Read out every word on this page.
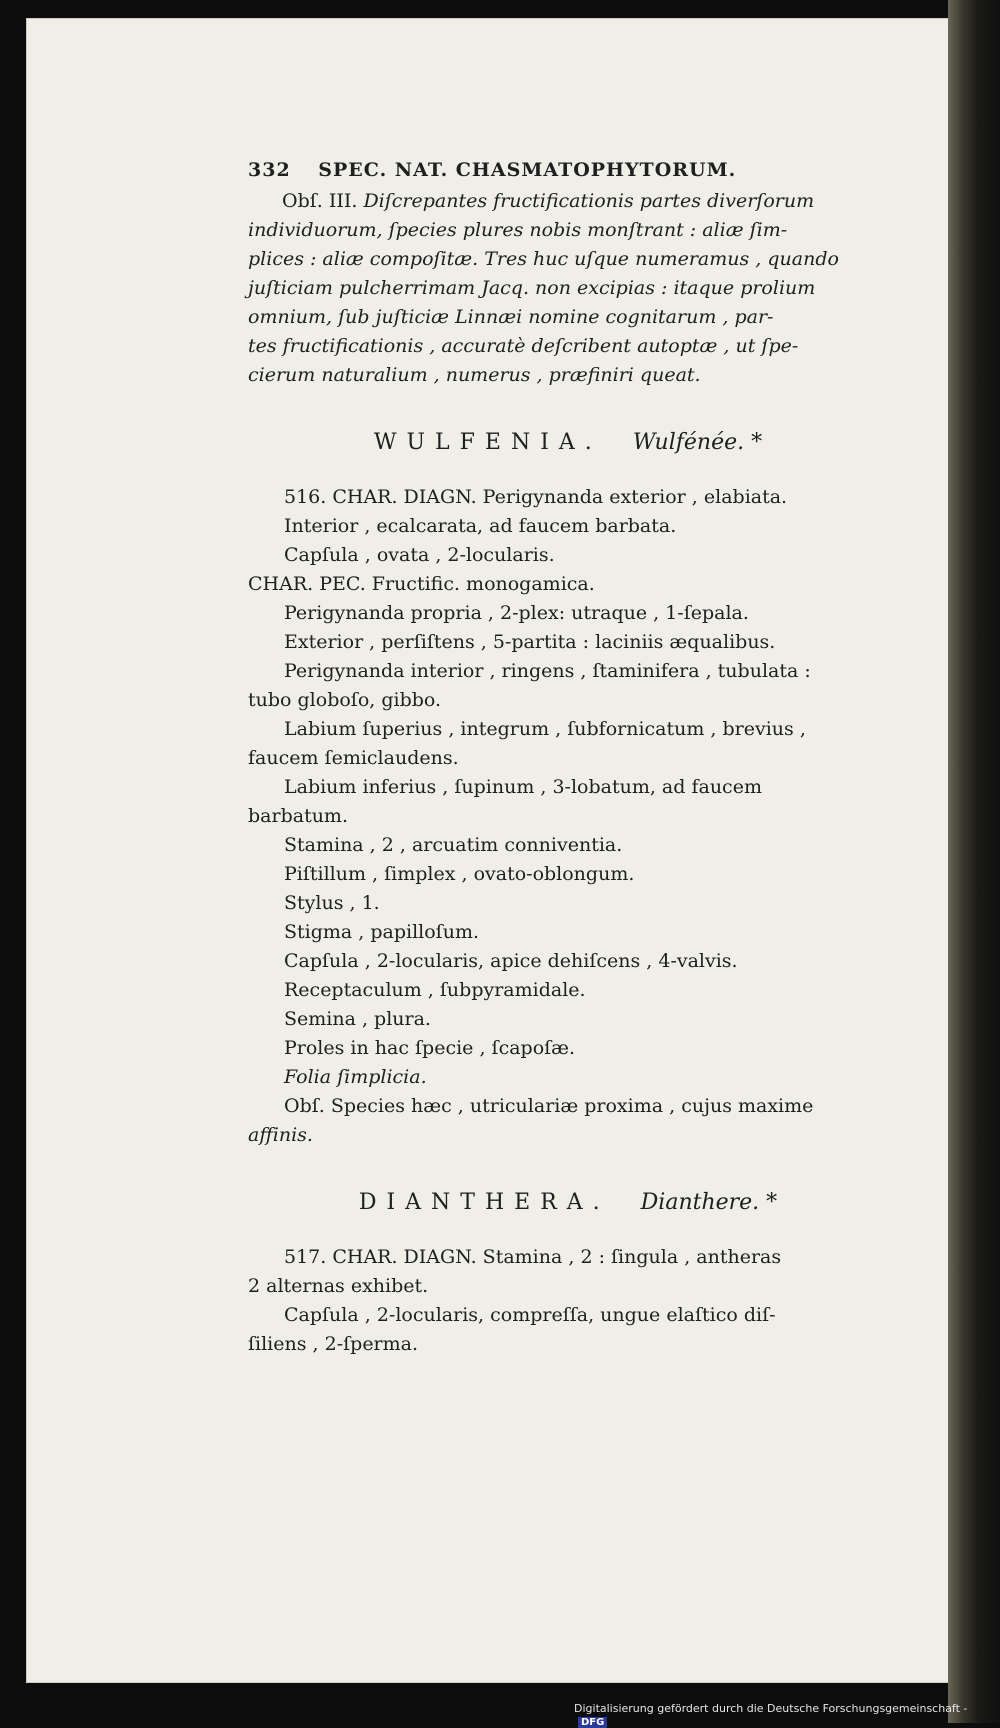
332 SPEC. NAT. CHASMATOPHYTORUM.

Obſ. III. Diſcrepantes fructificationis partes diverſorum

individuorum, ſpecies plures nobis monſtrant : aliæ ſim-

plices : aliæ compoſitæ. Tres huc uſque numeramus , quando

juſticiam pulcherrimam Jacq. non excipias : itaque prolium

omnium, ſub juſticiæ Linnæi nomine cognitarum , par-

tes fructificationis , accuratè deſcribent autoptæ , ut ſpe-

cierum naturalium , numerus , præfiniri queat.

WULFENIA. Wulfénée. *

516. CHAR. DIAGN. Perigynanda exterior , elabiata.

Interior , ecalcarata, ad faucem barbata.

Capſula , ovata , 2-locularis.

CHAR. PEC. Fructific. monogamica.

Perigynanda propria , 2-plex: utraque , 1-ſepala.

Exterior , perſiſtens , 5-partita : laciniis æqualibus.

Perigynanda interior , ringens , ſtaminifera , tubulata :

tubo globoſo, gibbo.

Labium ſuperius , integrum , ſubfornicatum , brevius ,

faucem ſemiclaudens.

Labium inferius , ſupinum , 3-lobatum, ad faucem

barbatum.

Stamina , 2 , arcuatim conniventia.

Piſtillum , ſimplex , ovato-oblongum.

Stylus , 1.

Stigma , papilloſum.

Capſula , 2-locularis, apice dehiſcens , 4-valvis.

Receptaculum , ſubpyramidale.

Semina , plura.

Proles in hac ſpecie , ſcapoſæ.

Folia ſimplicia.

Obſ. Species hæc , utriculariæ proxima , cujus maxime

affinis.

DIANTHERA. Dianthere. *

517. CHAR. DIAGN. Stamina , 2 : ſingula , antheras

2 alternas exhibet.

Capſula , 2-locularis, compreſſa, ungue elaſtico diſ-

ſiliens , 2-ſperma.

Digitalisierung gefördert durch die Deutsche Forschungsgemeinschaft - DFG
